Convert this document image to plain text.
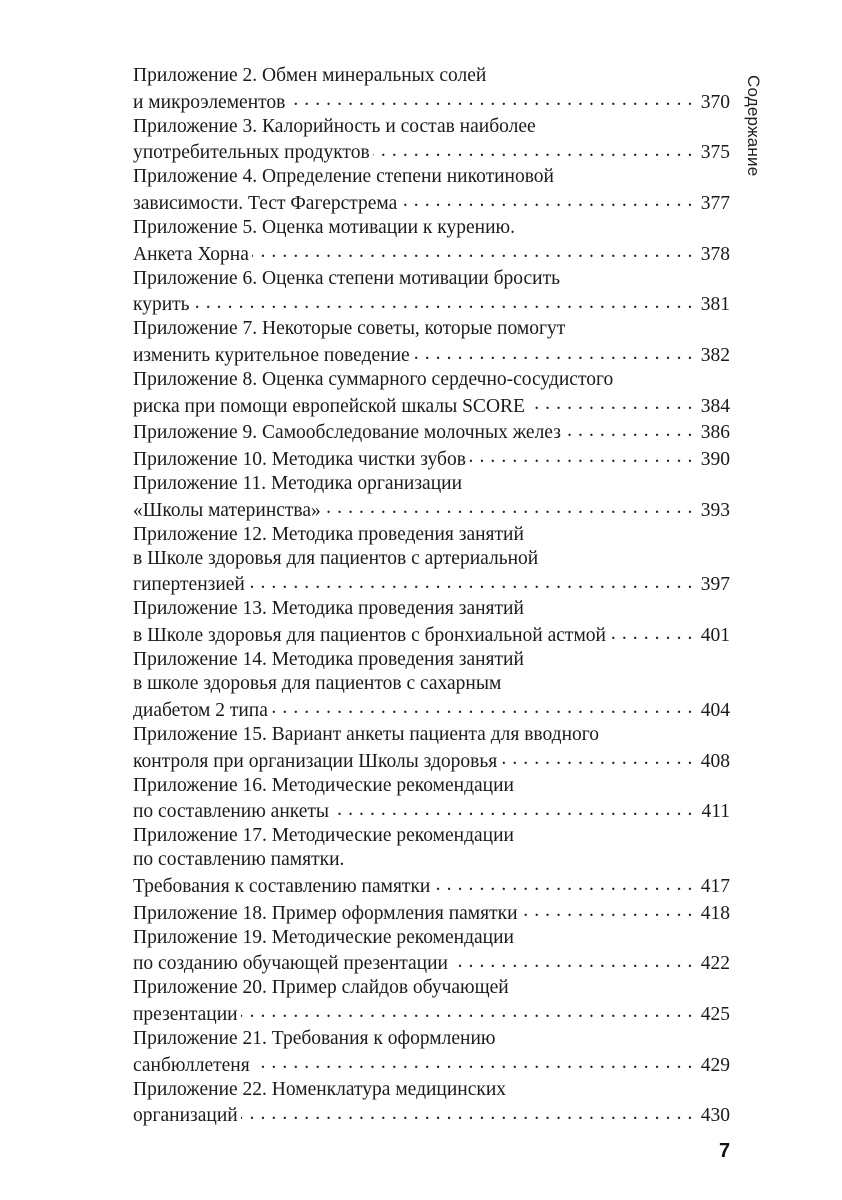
Содержание
Приложение 2. Обмен минеральных солей
и микроэлементов . . .	370
Приложение 3. Калорийность и состав наиболее
употребительных продуктов . . .	375
Приложение 4. Определение степени никотиновой
зависимости. Тест Фагерстрема . . .	377
Приложение 5. Оценка мотивации к курению.
Анкета Хорна . . .	378
Приложение 6. Оценка степени мотивации бросить
курить . . .	381
Приложение 7. Некоторые советы, которые помогут
изменить курительное поведение . . .	382
Приложение 8. Оценка суммарного сердечно-сосудистого
риска при помощи европейской шкалы SCORE . . .	384
Приложение 9. Самообследование молочных желез . . .	386
Приложение 10. Методика чистки зубов . . .	390
Приложение 11. Методика организации
«Школы материнства» . . .	393
Приложение 12. Методика проведения занятий
в Школе здоровья для пациентов с артериальной
гипертензией . . .	397
Приложение 13. Методика проведения занятий
в Школе здоровья для пациентов с бронхиальной астмой . . .	401
Приложение 14. Методика проведения занятий
в школе здоровья для пациентов с сахарным
диабетом 2 типа . . .	404
Приложение 15. Вариант анкеты пациента для вводного
контроля при организации Школы здоровья . . .	408
Приложение 16. Методические рекомендации
по составлению анкеты . . .	411
Приложение 17. Методические рекомендации
по составлению памятки.
Требования к составлению памятки . . .	417
Приложение 18. Пример оформления памятки . . .	418
Приложение 19. Методические рекомендации
по созданию обучающей презентации . . .	422
Приложение 20. Пример слайдов обучающей
презентации . . .	425
Приложение 21. Требования к оформлению
санбюллетеня . . .	429
Приложение 22. Номенклатура медицинских
организаций . . .	430
7
